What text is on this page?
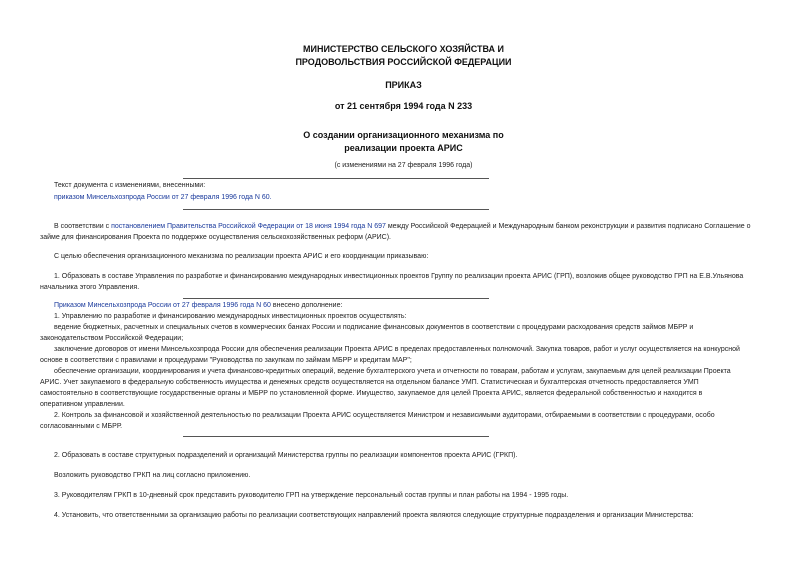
МИНИСТЕРСТВО СЕЛЬСКОГО ХОЗЯЙСТВА И
ПРОДОВОЛЬСТВИЯ РОССИЙСКОЙ ФЕДЕРАЦИИ
ПРИКАЗ
от 21 сентября 1994 года N 233
О создании организационного механизма по
реализации проекта АРИС
(с изменениями на 27 февраля 1996 года)
Текст документа с изменениями, внесенными:
приказом Минсельхозпрода России от 27 февраля 1996 года N 60.
В соответствии с постановлением Правительства Российской Федерации от 18 июня 1994 года N 697 между Российской Федерацией и Международным банком реконструкции и развития подписано Соглашение о
займе для финансирования Проекта по поддержке осуществления сельскохозяйственных реформ (АРИС).
С целью обеспечения организационного механизма по реализации проекта АРИС и его координации приказываю:
1. Образовать в составе Управления по разработке и финансированию международных инвестиционных проектов Группу по реализации проекта АРИС (ГРП), возложив общее руководство ГРП на Е.В.Ульянова
начальника этого Управления.
Приказом Минсельхозпрода России от 27 февраля 1996 года N 60 внесено дополнение:
1. Управлению по разработке и финансированию международных инвестиционных проектов осуществлять:
ведение бюджетных, расчетных и специальных счетов в коммерческих банках России и подписание финансовых документов в соответствии с процедурами расходования средств займов МБРР и
законодательством Российской Федерации;
заключение договоров от имени Минсельхозпрода России для обеспечения реализации Проекта АРИС в пределах предоставленных полномочий. Закупка товаров, работ и услуг осуществляется на конкурсной
основе в соответствии с правилами и процедурами "Руководства по закупкам по займам МБРР и кредитам МАР";
обеспечение организации, координирования и учета финансово-кредитных операций, ведение бухгалтерского учета и отчетности по товарам, работам и услугам, закупаемым для целей реализации Проекта
АРИС. Учет закупаемого в федеральную собственность имущества и денежных средств осуществляется на отдельном балансе УМП. Статистическая и бухгалтерская отчетность предоставляется УМП
самостоятельно в соответствующие государственные органы и МБРР по установленной форме. Имущество, закупаемое для целей Проекта АРИС, является федеральной собственностью и находится в
оперативном управлении.
2. Контроль за финансовой и хозяйственной деятельностью по реализации Проекта АРИС осуществляется Министром и независимыми аудиторами, отбираемыми в соответствии с процедурами, особо
согласованными с МБРР.
2. Образовать в составе структурных подразделений и организаций Министерства группы по реализации компонентов проекта АРИС (ГРКП).
Возложить руководство ГРКП на лиц согласно приложению.
3. Руководителям ГРКП в 10-дневный срок представить руководителю ГРП на утверждение персональный состав группы и план работы на 1994 - 1995 годы.
4. Установить, что ответственными за организацию работы по реализации соответствующих направлений проекта являются следующие структурные подразделения и организации Министерства:
